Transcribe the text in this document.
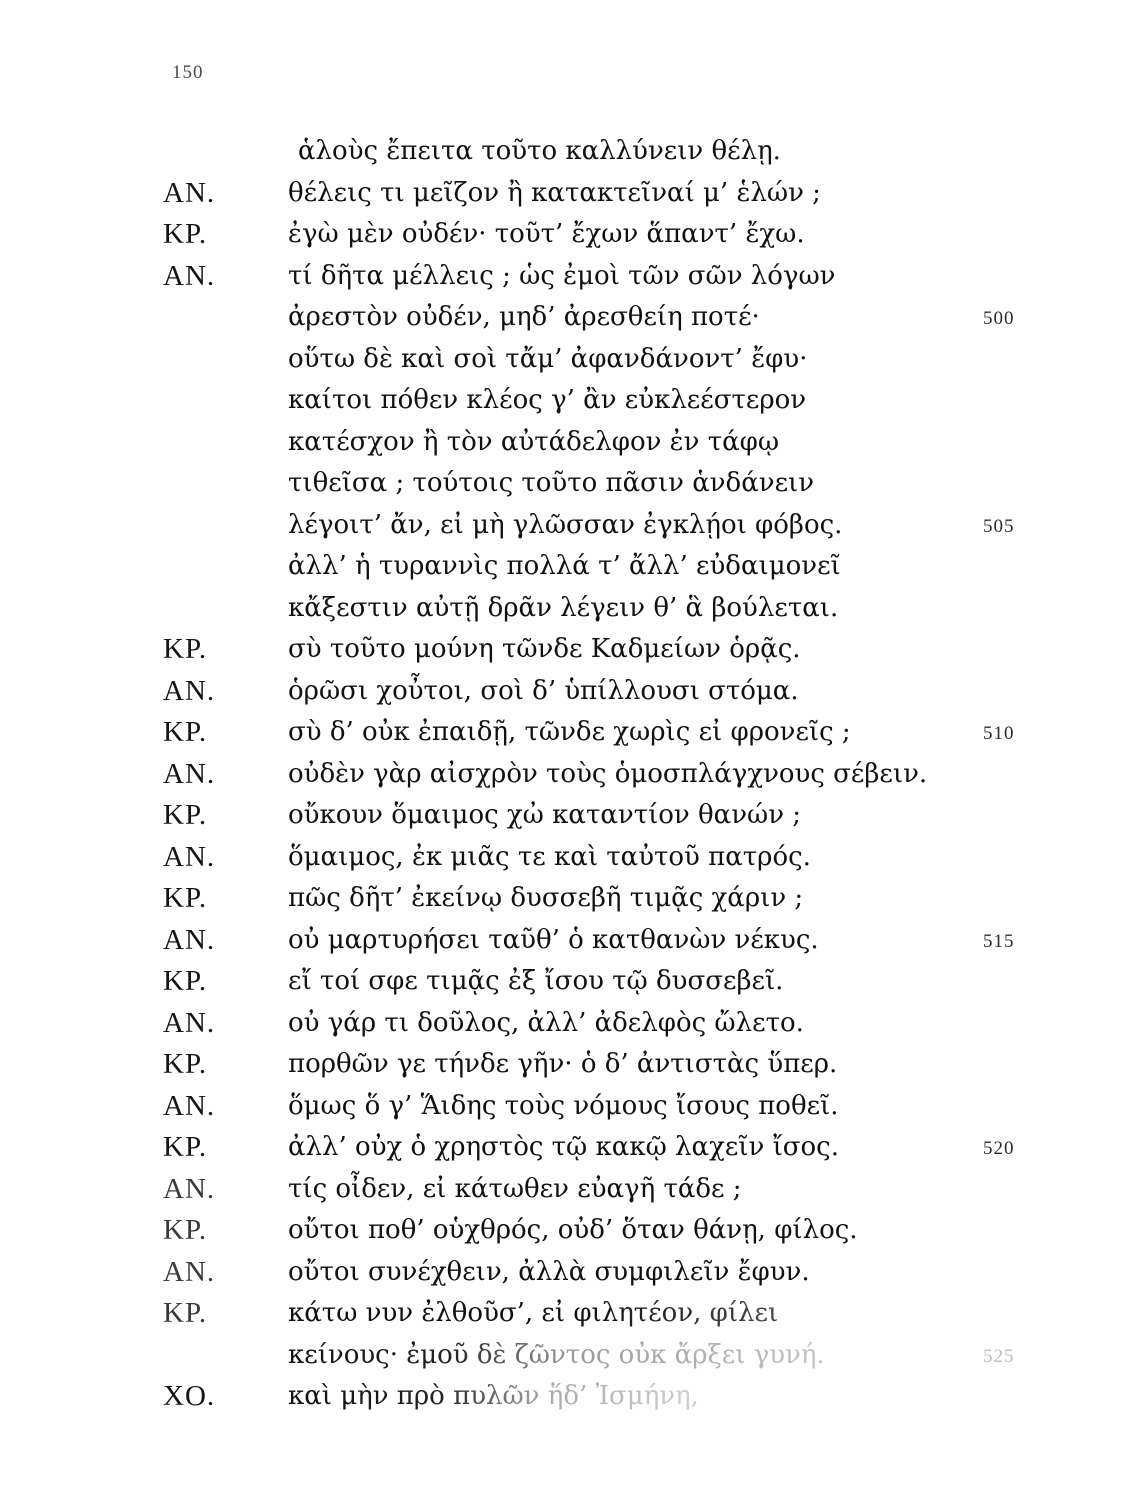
150
ἁλοὺς ἔπειτα τοῦτο καλλύνειν θέλῃ.
ΑΝ.	θέλεις τι μεῖζον ἢ κατακτεῖναί μ’ ἑλών ;
ΚΡ.	ἐγὼ μὲν οὐδέν· τοῦτ’ ἔχων ἅπαντ’ ἔχω.
ΑΝ.	τί δῆτα μέλλεις ; ὡς ἐμοὶ τῶν σῶν λόγων
ἀρεστὸν οὐδέν, μηδ’ ἀρεσθείη ποτέ·	500
οὕτω δὲ καὶ σοὶ τἄμ’ ἀφανδάνοντ’ ἔφυ·
καίτοι πόθεν κλέος γ’ ἂν εὐκλεέστερον
κατέσχον ἢ τὸν αὐτάδελφον ἐν τάφῳ
τιθεῖσα ; τούτοις τοῦτο πᾶσιν ἁνδάνειν
λέγοιτ’ ἄν, εἰ μὴ γλῶσσαν ἐγκλῄοι φόβος.	505
ἀλλ’ ἡ τυραννὶς πολλά τ’ ἄλλ’ εὐδαιμονεῖ
κἄξεστιν αὐτῇ δρᾶν λέγειν θ’ ἃ βούλεται.
ΚΡ.	σὺ τοῦτο μούνη τῶνδε Καδμείων ὁρᾷς.
ΑΝ.	ὁρῶσι χοὖτοι, σοὶ δ’ ὑπίλλουσι στόμα.
ΚΡ.	σὺ δ’ οὐκ ἐπαιδῇ, τῶνδε χωρὶς εἰ φρονεῖς ;	510
ΑΝ.	οὐδὲν γὰρ αἰσχρὸν τοὺς ὁμοσπλάγχνους σέβειν.
ΚΡ.	οὔκουν ὅμαιμος χὠ καταντίον θανών ;
ΑΝ.	ὅμαιμος, ἐκ μιᾶς τε καὶ ταὐτοῦ πατρός.
ΚΡ.	πῶς δῆτ’ ἐκείνῳ δυσσεβῆ τιμᾷς χάριν ;
ΑΝ.	οὐ μαρτυρήσει ταῦθ’ ὁ κατθανὼν νέκυς.	515
ΚΡ.	εἴ τοί σφε τιμᾷς ἐξ ἴσου τῷ δυσσεβεῖ.
ΑΝ.	οὐ γάρ τι δοῦλος, ἀλλ’ ἀδελφὸς ὤλετο.
ΚΡ.	πορθῶν γε τήνδε γῆν· ὁ δ’ ἀντιστὰς ὕπερ.
ΑΝ.	ὅμως ὅ γ’ Ἅιδης τοὺς νόμους ἴσους ποθεῖ.
ΚΡ.	ἀλλ’ οὐχ ὁ χρηστὸς τῷ κακῷ λαχεῖν ἴσος.	520
ΑΝ.	τίς οἶδεν, εἰ κάτωθεν εὐαγῆ τάδε ;
ΚΡ.	οὔτοι ποθ’ οὑχθρός, οὐδ’ ὅταν θάνῃ, φίλος.
ΑΝ.	οὔτοι συνέχθειν, ἀλλὰ συμφιλεῖν ἔφυν.
ΚΡ.	κάτω νυν ἐλθοῦσ’, εἰ φιλητέον, φίλει
κείνους· ἐμοῦ δὲ ζῶντος οὐκ ἄρξει γυνή.	525
ΧΟ.	καὶ μὴν πρὸ πυλῶν ἥδ’ Ἰσμήνη,
